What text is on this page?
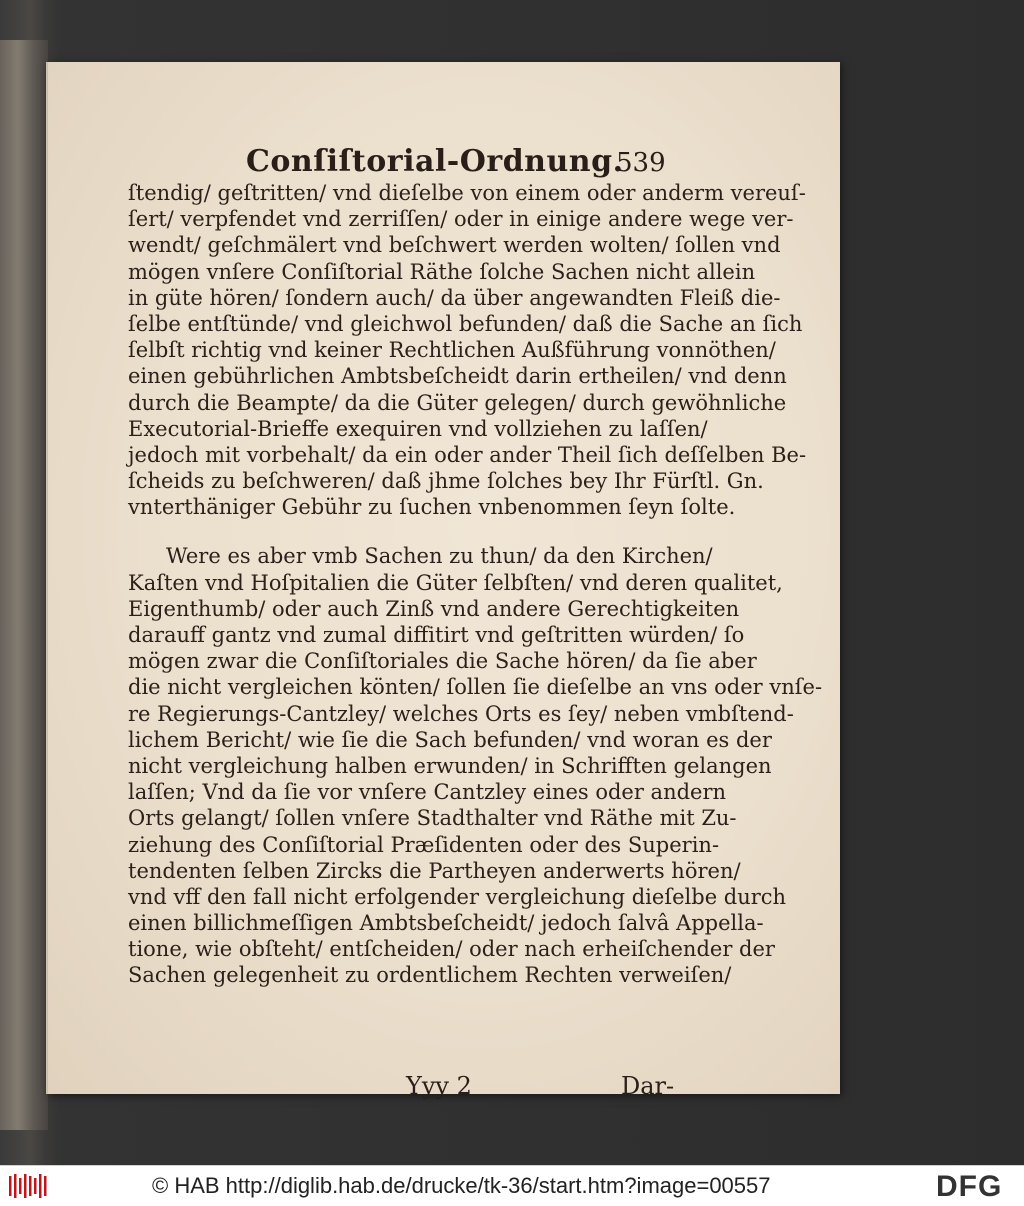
Conſiſtorial-Ordnung.
539
ſtendig/ geſtritten/ vnd dieſelbe von einem oder anderm vereuſ-
ſert/ verpfendet vnd zerriſſen/ oder in einige andere wege ver-
wendt/ geſchmälert vnd beſchwert werden wolten/ ſollen vnd
mögen vnſere Conſiſtorial Räthe ſolche Sachen nicht allein
in güte hören/ ſondern auch/ da über angewandten Fleiß die-
ſelbe entſtünde/ vnd gleichwol befunden/ daß die Sache an ſich
ſelbſt richtig vnd keiner Rechtlichen Außführung vonnöthen/
einen gebührlichen Ambtsbeſcheidt darin ertheilen/ vnd denn
durch die Beampte/ da die Güter gelegen/ durch gewöhnliche
Executorial-Brieffe exequiren vnd vollziehen zu laſſen/
jedoch mit vorbehalt/ da ein oder ander Theil ſich deſſelben Be-
ſcheids zu beſchweren/ daß jhme ſolches bey Ihr Fürſtl. Gn.
vnterthäniger Gebühr zu ſuchen vnbenommen ſeyn ſolte.
Were es aber vmb Sachen zu thun/ da den Kirchen/
Kaſten vnd Hoſpitalien die Güter ſelbſten/ vnd deren qualitet,
Eigenthumb/ oder auch Zinß vnd andere Gerechtigkeiten
darauff gantz vnd zumal diffitirt vnd geſtritten würden/ ſo
mögen zwar die Conſiſtoriales die Sache hören/ da ſie aber
die nicht vergleichen könten/ ſollen ſie dieſelbe an vns oder vnſe-
re Regierungs-Cantzley/ welches Orts es ſey/ neben vmbſtend-
lichem Bericht/ wie ſie die Sach befunden/ vnd woran es der
nicht vergleichung halben erwunden/ in Schrifften gelangen
laſſen; Vnd da ſie vor vnſere Cantzley eines oder andern
Orts gelangt/ ſollen vnſere Stadthalter vnd Räthe mit Zu-
ziehung des Conſiſtorial Præſidenten oder des Superin-
tendenten ſelben Zircks die Partheyen anderwerts hören/
vnd vff den fall nicht erfolgender vergleichung dieſelbe durch
einen billichmeſſigen Ambtsbeſcheidt/ jedoch ſalvâ Appella-
tione, wie obſteht/ entſcheiden/ oder nach erheiſchender der
Sachen gelegenheit zu ordentlichem Rechten verweiſen/
Yyy 2	Dar-
© HAB http://diglib.hab.de/drucke/tk-36/start.htm?image=00557	DFG
